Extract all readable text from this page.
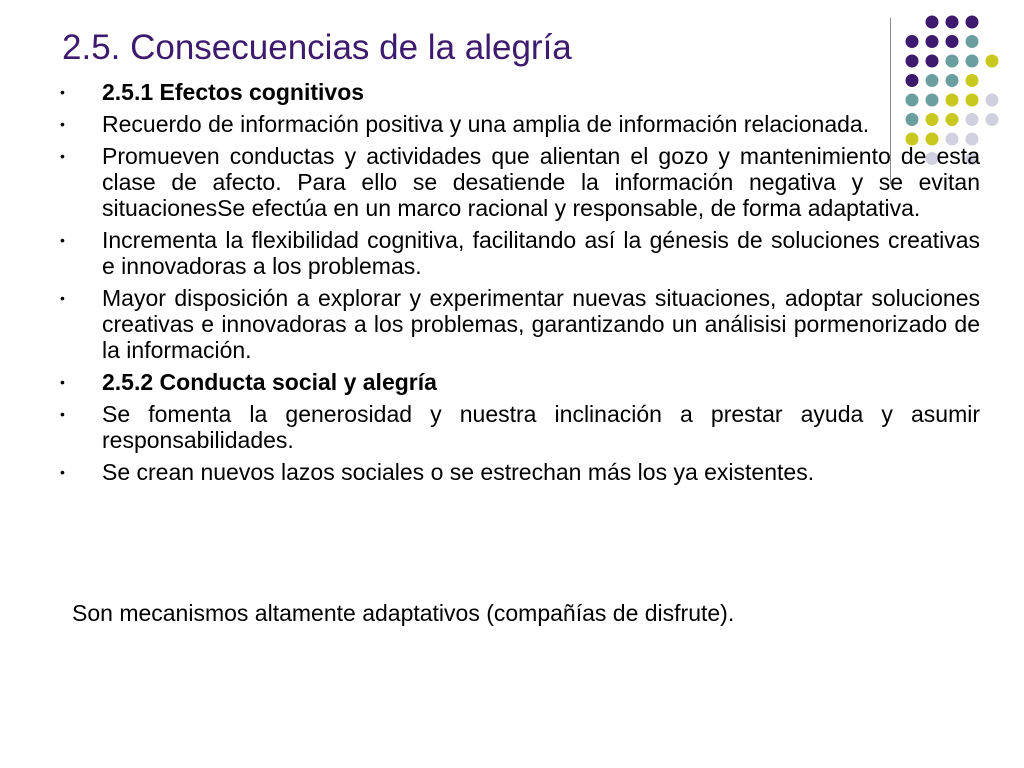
2.5. Consecuencias de la alegría
• 2.5.1 Efectos cognitivos
• Recuerdo de información positiva y una amplia de información relacionada.
• Promueven conductas y actividades que alientan el gozo y mantenimiento de esta clase de afecto. Para ello se desatiende la información negativa y se evitan situacionesSe efectúa en un marco racional y responsable, de forma adaptativa.
• Incrementa la flexibilidad cognitiva, facilitando así la génesis de soluciones creativas e innovadoras a los problemas.
• Mayor disposición a explorar y experimentar nuevas situaciones, adoptar soluciones creativas e innovadoras a los problemas, garantizando un análisisi pormenorizado de la información.
• 2.5.2 Conducta social y alegría
• Se fomenta la generosidad y nuestra inclinación a prestar ayuda y asumir responsabilidades.
• Se crean nuevos lazos sociales o se estrechan más los ya existentes.

Son mecanismos altamente adaptativos (compañías de disfrute).
